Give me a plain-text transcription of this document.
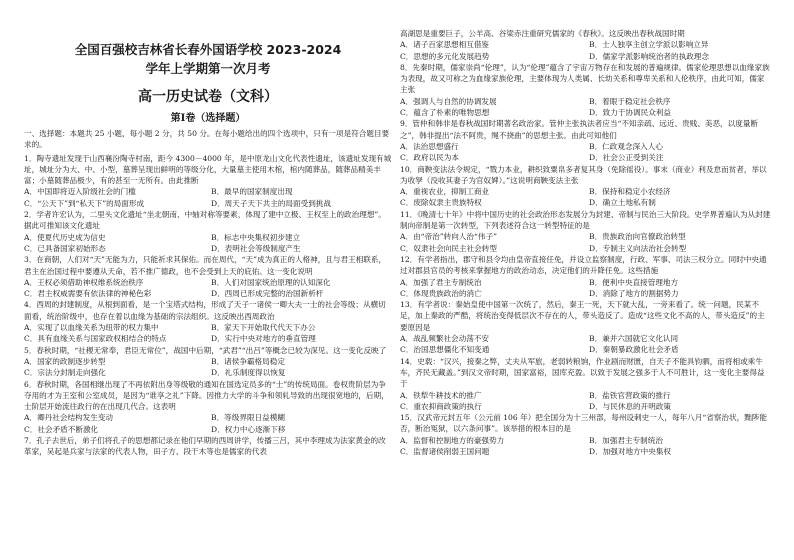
全国百强校吉林省长春外国语学校 2023-2024

学年上学期第一次月考

高一历史试卷（文科）

第Ⅰ卷（选择题）

一、选择题：本题共 25 小题，每小题 2 分，共 50 分。在每小题给出的四个选项中，只有一项是符合题目要求的。

1．陶寺遗址发现于山西襄汾陶寺村南，距今 4300－4000 年，是中原龙山文化代表性遗址，该遗址发现有城址，城址分为大、中、小型，墓葬呈现出鲜明的等级分化，大量墓主使用木棺，棺内随葬品，随葬品精美丰富；小墓随葬品极少，有的甚至一无所有。由此推断

A．中国即将迈入阶级社会的门槛	B．最早的国家制度出现
C．“公天下”到“私天下”的局面形成	D．周天子天下共主的局面受到挑战

2．学者许宏认为，二里头文化遗址“坐北朝南、中轴对称等要素，体现了建中立极、王权至上的政治理想”。据此可推知该文化遗址

A．使夏代历史成为信史	B．标志中央集权初步建立
C．已具备国家初始形态	D．表明社会等级制度产生

3．在商朝，人们对“天”无能为力，只能祈求其保佑。而在周代，“天”成为真正的人格神，且与君王相联系，君主在治国过程中要遵从天命，若不推广德政，也不会受到上天的庇佑。这一变化说明

A．王权必须借助神权维系统治秩序	B．人们对国家统治原理的认知深化
C．君主权威需要有依法律的神秘色彩	D．西周已形成完整的治国新析杆

4．西周的封建制度，从根到面看，是一个宝塔式结构，形成了天子一诸侯一卿大夫一士的社会等级；从横切面看，统治阶级中，也存在着以血缘为基础的宗法组织。这反映出西周政治

A．实现了以血缘关系为纽带的权力集中	B．家天下开始取代代天下办公
C．具有血缘关系与国家政权相结合的特点	D．实行中央对地方的垂直管理

5．春秋时期，“社稷无常奉，君臣无常位”，战国中后期，“武君”“出吕”等概念已较为深见。这一变化反映了

A．国家的政制逐步转型	B．诸侯争霸格局稳定
C．宗法分封制走向强化	D．礼乐制度得以恢复

6．春秋时期，各国相继出现了不再依附出身等级敬的通知在国选定员多的“士”的传统局面。卷权贵阶层为争夺用的才为王室和公室成员，是因为“谁享之礼”下降。因推力大学的斗争和领轧导致的出现很宽地的，后期，士阶层开始流往政行的在出现几代合。这表明

A．卿丹社会结构发生变动	B．等级界限日益模糊
C．社会矛盾不断激化	D．权力中心逐渐下移

7．孔子去世后，弟子们将孔子的思想都记录在他们早期的西周讲学，传播三吕，其中李理成为法家黄金的改革家，吴起是兵家与法家的代表人物，田子方、段干木等也是儒家的代表

高湖思是重要巨子，公羊高、谷梁赤注重研究儒家的《春秋》。这反映出春秋战国时期

A．诸子百家思想相互借鉴	B．士人独享主创立学派以影响立异
C．思想的多元化发展趋势	D．儒家学派影响统治者的执政理念

8．先秦时期，儒家崇尚“伦理”，认为“伦理”蕴含了宇宙万物存在和发展的普遍规律。儒家伦理思想以血缘家族为表现，故又可称之为血缘家族伦理，主要体现为人类属、长幼关系和尊卑关系和人伦秩序，由此可知，儒家主张

A．强调人与自然的协调发展	B．着眼于稳定社会秩序
C．蕴含了朴素的唯物思想	D．致力于协调民众利益

9．管仲和韩非是春秋战国时期著名政治家。管仲主张执法者应当“不知亲疏、远近、贵贱、美恶，以度量断之”，韩非提出“法不阿贵，绳不挠曲”的思想主张。由此可知他们

A．法治思想盛行	B．仁政观念深入人心
C．政府以民为本	D．社会公正受到关注

10．商鞅变法法令规定，“戮力本业，耕织致粟帛多者复其身（免除徭役）。事末（商业）利及怠而贫者，举以为收孥（没收其妻子为官奴婢）。”这说明商鞅变法主张

A．重视农业，抑制工商业	B．保持和稳定小农经济
C．废除奴隶主贵族特权	D．确立土地私有制

11．《晚清七十年》中将中国历史的社会政治形态发展分为封建、帝制与民治三大阶段。史学界普遍认为从封建制向帝制是第一次转型，下列表述符合这一转型特征的是

A．由“帝治”转向人治“伟子”	B．贵族政治向官僚政治转型
C．奴隶社会向民主社会转型	D．专制主义向法治社会转型

12．有学者指出，郡守和县令均由皇帝直接任免，并设立监察制度，行政、军事、司法三权分立。同时中央通过对郡县官员的考核来掌握地方的政治动态，决定他们的升降任免。这些措施

A．加强了君主专制统治	B．便利中央直接管理地方
C．体现贵族政治的消亡	D．消除了地方的割据势力

13．有学者说：秦始皇使中国第一次统了，然后，秦王一死，天下就大乱，一旁来看了。统一问题，民某不足，加上秦政的严酷，将统治变得低层次不存在的人，带头造反了。造成“这些文化不高的人，带头造反”的主要原因是

A．战乱频繁社会动荡不安	B．兼并六国就它文化认同
C．治国思想僵化不知变通	D．秦朝暴政激化社会矛盾

14．史载：“汉兴，接秦之弊，丈夫从军旅，老弱转粮饷，作业剧而财匮，自天子不能具钧驷，而将相或乘牛车，齐民无藏盖。”到汉文帝时期，国家富裕，国库充盈。以致于发展之强多于人不可胜计，这一变化主要得益于

A．铁犁牛耕技术的推广	B．盐铁官营政策的推行
C．重农抑商政策的执行	D．与民休息的开明政策

15．汉武帝元封五年（公元前 106 年）把全国分为十三州部，每州设刺史一人，每年八月“省察治状，黜陟能否，断治冤狱，以六条问事”。该举措的根本目的是

A．监督和控制地方的豪强势力	B．加强君主专制统治
C．监督诸侯削弱王国问题	D．加强对地方中央集权
